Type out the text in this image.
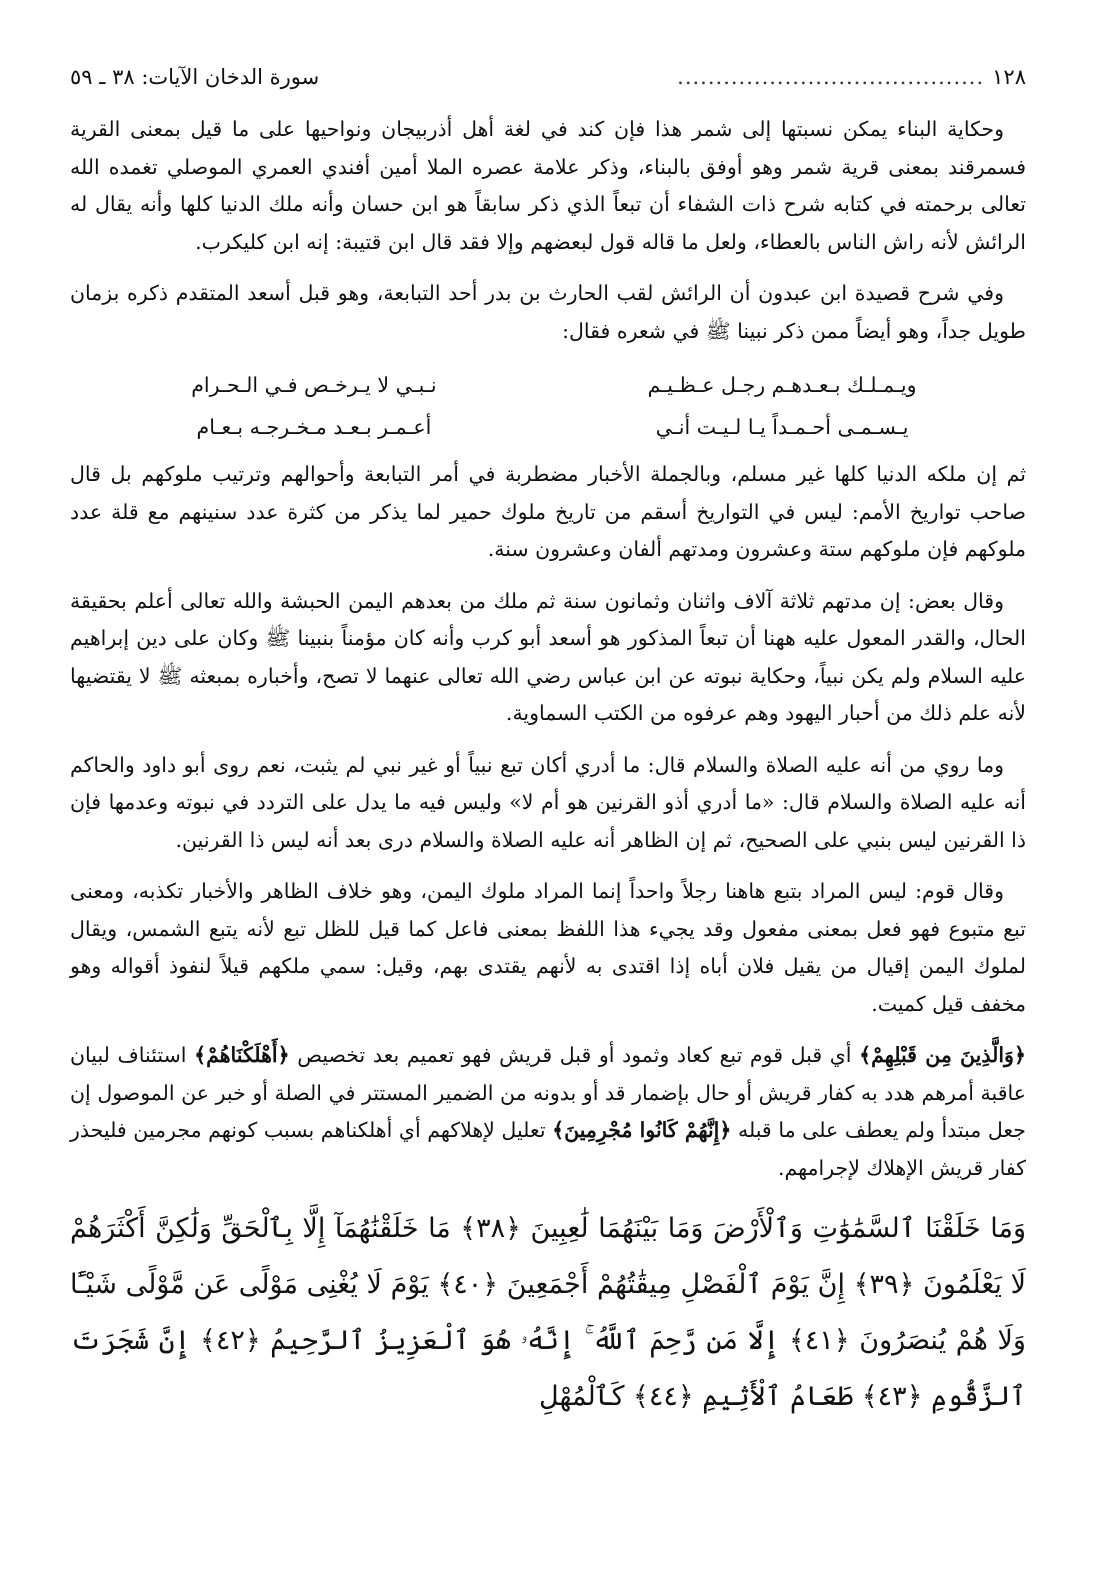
١٢٨
........................................
سورة الدخان الآيات: ٣٨ ـ ٥٩

وحكاية البناء يمكن نسبتها إلى شمر هذا فإن كند في لغة أهل أذربيجان ونواحيها على ما قيل بمعنى القرية فسمرقند بمعنى قرية شمر وهو أوفق بالبناء، وذكر علامة عصره الملا أمين أفندي العمري الموصلي تغمده الله تعالى برحمته في كتابه شرح ذات الشفاء أن تبعاً الذي ذكر سابقاً هو ابن حسان وأنه ملك الدنيا كلها وأنه يقال له الرائش لأنه راش الناس بالعطاء، ولعل ما قاله قول لبعضهم وإلا فقد قال ابن قتيبة: إنه ابن كليكرب.

وفي شرح قصيدة ابن عبدون أن الرائش لقب الحارث بن بدر أحد التبابعة، وهو قبل أسعد المتقدم ذكره بزمان طويل جداً، وهو أيضاً ممن ذكر نبينا ﷺ في شعره فقال:

ويـمـلـك بـعـدهـم رجـل عـظـيـم
نـبـي لا يـرخـص فـي الـحـرام
يـسـمـى أحـمـداً يـا لـيـت أنـي
أعـمـر بـعـد مـخـرجـه بـعـام

ثم إن ملكه الدنيا كلها غير مسلم، وبالجملة الأخبار مضطربة في أمر التبابعة وأحوالهم وترتيب ملوكهم بل قال صاحب تواريخ الأمم: ليس في التواريخ أسقم من تاريخ ملوك حمير لما يذكر من كثرة عدد سنينهم مع قلة عدد ملوكهم فإن ملوكهم ستة وعشرون ومدتهم ألفان وعشرون سنة.

وقال بعض: إن مدتهم ثلاثة آلاف واثنان وثمانون سنة ثم ملك من بعدهم اليمن الحبشة والله تعالى أعلم بحقيقة الحال، والقدر المعول عليه ههنا أن تبعاً المذكور هو أسعد أبو كرب وأنه كان مؤمناً بنبينا ﷺ وكان على دين إبراهيم عليه السلام ولم يكن نبياً، وحكاية نبوته عن ابن عباس رضي الله تعالى عنهما لا تصح، وأخباره بمبعثه ﷺ لا يقتضيها لأنه علم ذلك من أحبار اليهود وهم عرفوه من الكتب السماوية.

وما روي من أنه عليه الصلاة والسلام قال: ما أدري أكان تبع نبياً أو غير نبي لم يثبت، نعم روى أبو داود والحاكم أنه عليه الصلاة والسلام قال: «ما أدري أذو القرنين هو أم لا» وليس فيه ما يدل على التردد في نبوته وعدمها فإن ذا القرنين ليس بنبي على الصحيح، ثم إن الظاهر أنه عليه الصلاة والسلام درى بعد أنه ليس ذا القرنين.

وقال قوم: ليس المراد بتبع هاهنا رجلاً واحداً إنما المراد ملوك اليمن، وهو خلاف الظاهر والأخبار تكذبه، ومعنى تبع متبوع فهو فعل بمعنى مفعول وقد يجيء هذا اللفظ بمعنى فاعل كما قيل للظل تبع لأنه يتبع الشمس، ويقال لملوك اليمن إقيال من يقيل فلان أباه إذا اقتدى به لأنهم يقتدى بهم، وقيل: سمي ملكهم قيلاً لنفوذ أقواله وهو مخفف قيل كميت.

﴿وَالَّذِينَ مِن قَبْلِهِمْ﴾ أي قبل قوم تبع كعاد وثمود أو قبل قريش فهو تعميم بعد تخصيص ﴿أَهْلَكْنَاهُمْ﴾ استئناف لبيان عاقبة أمرهم هدد به كفار قريش أو حال بإضمار قد أو بدونه من الضمير المستتر في الصلة أو خبر عن الموصول إن جعل مبتدأ ولم يعطف على ما قبله ﴿إِنَّهُمْ كَانُوا مُجْرِمِينَ﴾ تعليل لإهلاكهم أي أهلكناهم بسبب كونهم مجرمين فليحذر كفار قريش الإهلاك لإجرامهم.

وَمَا خَلَقْنَا ٱلسَّمَٰوَٰتِ وَٱلْأَرْضَ وَمَا بَيْنَهُمَا لَٰعِبِينَ ﴿٣٨﴾ مَا خَلَقْنَٰهُمَآ إِلَّا بِٱلْحَقِّ وَلَٰكِنَّ أَكْثَرَهُمْ لَا يَعْلَمُونَ ﴿٣٩﴾ إِنَّ يَوْمَ ٱلْفَصْلِ مِيقَٰتُهُمْ أَجْمَعِينَ ﴿٤٠﴾ يَوْمَ لَا يُغْنِى مَوْلًى عَن مَّوْلًى شَيْـًٔا وَلَا هُمْ يُنصَرُونَ ﴿٤١﴾ إِلَّا مَن رَّحِمَ ٱللَّهُ ۚ إِنَّهُۥ هُوَ ٱلْعَزِيزُ ٱلرَّحِيمُ ﴿٤٢﴾ إِنَّ شَجَرَتَ ٱلزَّقُّومِ ﴿٤٣﴾ طَعَامُ ٱلْأَثِيمِ ﴿٤٤﴾ كَٱلْمُهْلِ
